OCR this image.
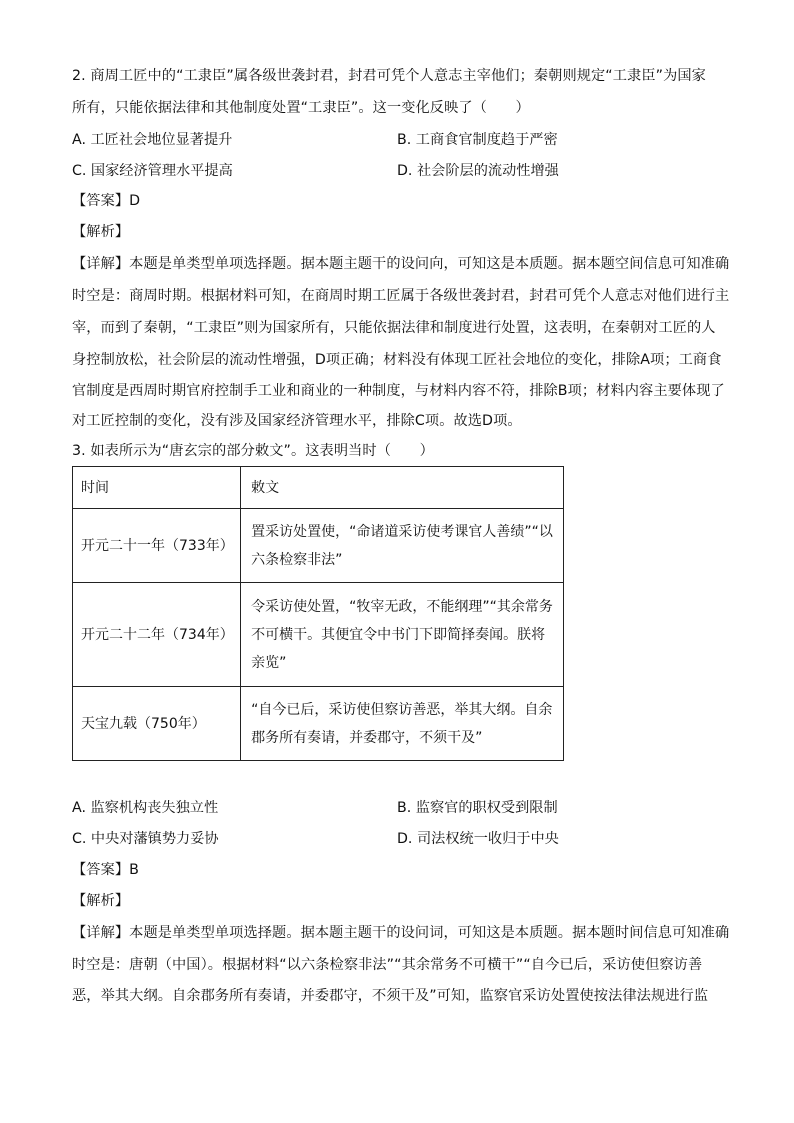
2. 商周工匠中的“工隶臣”属各级世袭封君，封君可凭个人意志主宰他们；秦朝则规定“工隶臣”为国家
所有，只能依据法律和其他制度处置“工隶臣”。这一变化反映了（　　）
A. 工匠社会地位显著提升	B. 工商食官制度趋于严密
C. 国家经济管理水平提高	D. 社会阶层的流动性增强
【答案】D
【解析】
【详解】本题是单类型单项选择题。据本题主题干的设问向，可知这是本质题。据本题空间信息可知准确
时空是：商周时期。根据材料可知，在商周时期工匠属于各级世袭封君，封君可凭个人意志对他们进行主
宰，而到了秦朝，“工隶臣”则为国家所有，只能依据法律和制度进行处置，这表明，在秦朝对工匠的人
身控制放松，社会阶层的流动性增强，D项正确；材料没有体现工匠社会地位的变化，排除A项；工商食
官制度是西周时期官府控制手工业和商业的一种制度，与材料内容不符，排除B项；材料内容主要体现了
对工匠控制的变化，没有涉及国家经济管理水平，排除C项。故选D项。
3. 如表所示为“唐玄宗的部分敕文”。这表明当时（　　）
时间	敕文
开元二十一年（733年）	置采访处置使，“命诸道采访使考课官人善绩”“以六条检察非法”
开元二十二年（734年）	令采访使处置，“牧宰无政，不能纲理”“其余常务不可横干。其便宜令中书门下即简择奏闻。朕将亲览”
天宝九载（750年）	“自今已后，采访使但察访善恶，举其大纲。自余郡务所有奏请，并委郡守，不须干及”
A. 监察机构丧失独立性	B. 监察官的职权受到限制
C. 中央对藩镇势力妥协	D. 司法权统一收归于中央
【答案】B
【解析】
【详解】本题是单类型单项选择题。据本题主题干的设问词，可知这是本质题。据本题时间信息可知准确
时空是：唐朝（中国）。根据材料“以六条检察非法”“其余常务不可横干”“自今已后，采访使但察访善
恶，举其大纲。自余郡务所有奏请，并委郡守，不须干及”可知，监察官采访处置使按法律法规进行监
